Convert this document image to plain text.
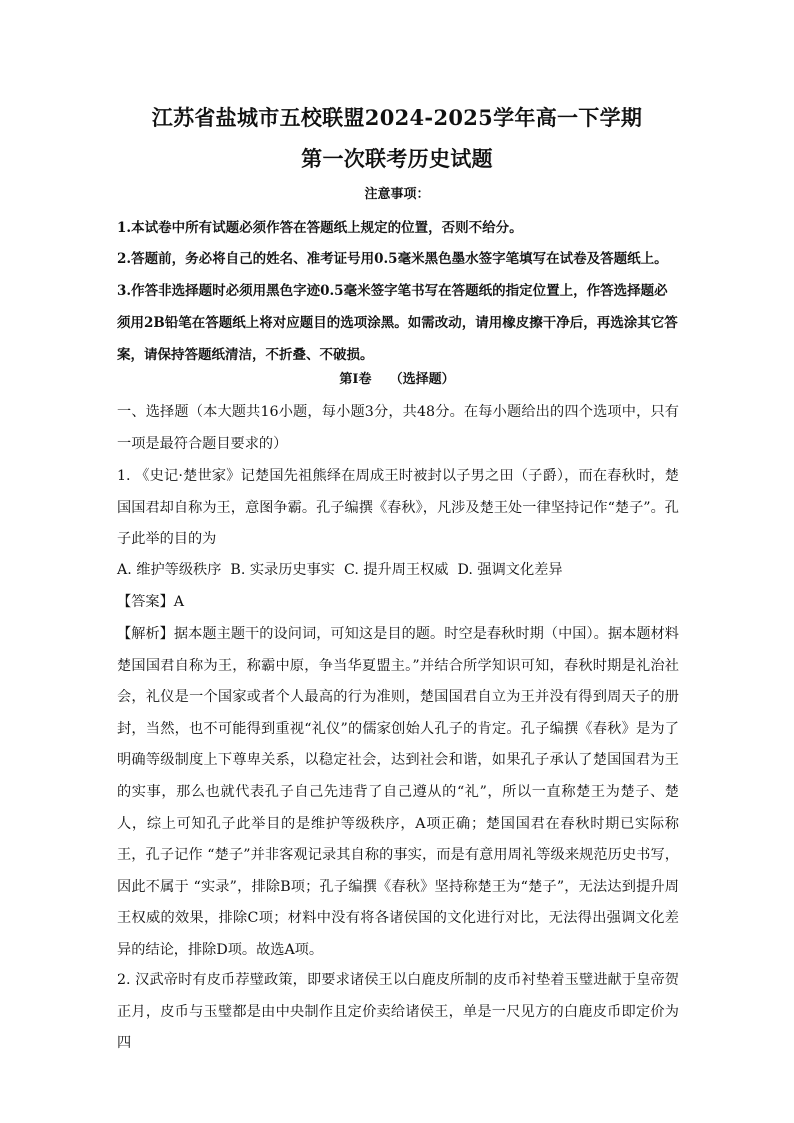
江苏省盐城市五校联盟2024-2025学年高一下学期
第一次联考历史试题
注意事项：
1.本试卷中所有试题必须作答在答题纸上规定的位置，否则不给分。
2.答题前，务必将自己的姓名、准考证号用0.5毫米黑色墨水签字笔填写在试卷及答题纸上。
3.作答非选择题时必须用黑色字迹0.5毫米签字笔书写在答题纸的指定位置上，作答选择题必须用2B铅笔在答题纸上将对应题目的选项涂黑。如需改动，请用橡皮擦干净后，再选涂其它答案，请保持答题纸清洁，不折叠、不破损。
第Ⅰ卷    （选择题）
一、选择题（本大题共16小题，每小题3分，共48分。在每小题给出的四个选项中，只有一项是最符合题目要求的）
1. 《史记·楚世家》记楚国先祖熊绎在周成王时被封以子男之田（子爵），而在春秋时，楚国国君却自称为王，意图争霸。孔子编撰《春秋》，凡涉及楚王处一律坚持记作“楚子”。孔子此举的目的为
A. 维护等级秩序  B. 实录历史事实  C. 提升周王权威  D. 强调文化差异
【答案】A
【解析】据本题主题干的设问词，可知这是目的题。时空是春秋时期（中国）。据本题材料楚国国君自称为王，称霸中原，争当华夏盟主。”并结合所学知识可知，春秋时期是礼治社会，礼仪是一个国家或者个人最高的行为准则，楚国国君自立为王并没有得到周天子的册封，当然，也不可能得到重视“礼仪”的儒家创始人孔子的肯定。孔子编撰《春秋》是为了明确等级制度上下尊卑关系，以稳定社会，达到社会和谐，如果孔子承认了楚国国君为王的实事，那么也就代表孔子自己先违背了自己遵从的“礼”，所以一直称楚王为楚子、楚人，综上可知孔子此举目的是维护等级秩序，A项正确；楚国国君在春秋时期已实际称王，孔子记作 “楚子”并非客观记录其自称的事实，而是有意用周礼等级来规范历史书写，因此不属于 “实录”，排除B项；孔子编撰《春秋》坚持称楚王为“楚子”，无法达到提升周王权威的效果，排除C项；材料中没有将各诸侯国的文化进行对比，无法得出强调文化差异的结论，排除D项。故选A项。
2. 汉武帝时有皮币荐璧政策，即要求诸侯王以白鹿皮所制的皮币衬垫着玉璧进献于皇帝贺正月，皮币与玉璧都是由中央制作且定价卖给诸侯王，单是一尺见方的白鹿皮币即定价为四
